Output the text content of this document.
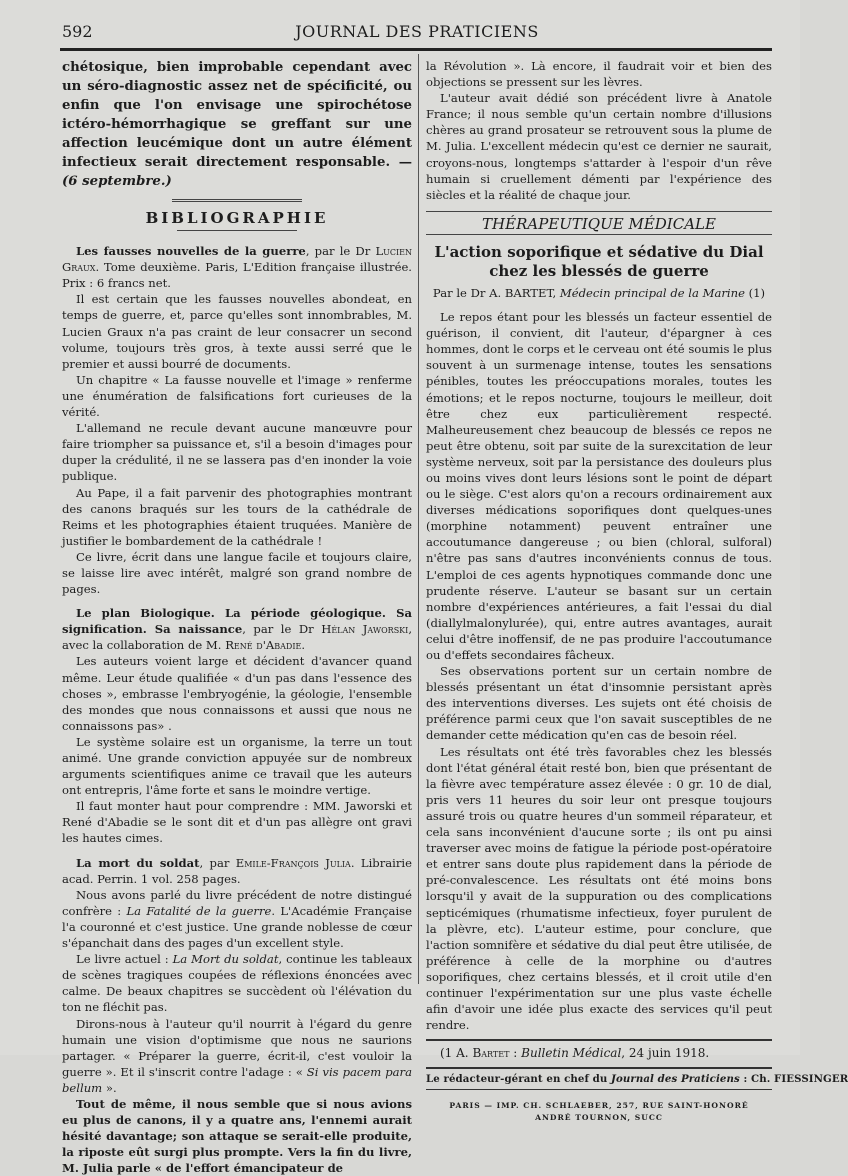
592	JOURNAL DES PRATICIENS

chétosique, bien improbable cependant avec un séro-diagnostic assez net de spécificité, ou enfin que l'on envisage une spirochétose ictéro-hémorrhagique se greffant sur une affection leucémique dont un autre élément infectieux serait directement responsable. — (6 septembre.)

BIBLIOGRAPHIE

Les fausses nouvelles de la guerre, par le Dr Lucien Graux. Tome deuxième. Paris, L'Edition française illustrée. Prix : 6 francs net.

Il est certain que les fausses nouvelles abondeat, en temps de guerre, et, parce qu'elles sont innombrables, M. Lucien Graux n'a pas craint de leur consacrer un second volume, toujours très gros, à texte aussi serré que le premier et aussi bourré de documents.

Un chapitre « La fausse nouvelle et l'image » renferme une énumération de falsifications fort curieuses de la vérité.

L'allemand ne recule devant aucune manœuvre pour faire triompher sa puissance et, s'il a besoin d'images pour duper la crédulité, il ne se lassera pas d'en inonder la voie publique.

Au Pape, il a fait parvenir des photographies montrant des canons braqués sur les tours de la cathédrale de Reims et les photographies étaient truquées. Manière de justifier le bombardement de la cathédrale !

Ce livre, écrit dans une langue facile et toujours claire, se laisse lire avec intérêt, malgré son grand nombre de pages.

Le plan Biologique. La période géologique. Sa signification. Sa naissance, par le Dr Hélan Jaworski, avec la collaboration de M. René d'Abadie.

Les auteurs voient large et décident d'avancer quand même. Leur étude qualifiée « d'un pas dans l'essence des choses », embrasse l'embryogénie, la géologie, l'ensemble des mondes que nous connaissons et aussi que nous ne connaissons pas» .

Le système solaire est un organisme, la terre un tout animé. Une grande conviction appuyée sur de nombreux arguments scientifiques anime ce travail que les auteurs ont entrepris, l'âme forte et sans le moindre vertige.

Il faut monter haut pour comprendre : MM. Jaworski et René d'Abadie se le sont dit et d'un pas allègre ont gravi les hautes cimes.

La mort du soldat, par Emile-François Julia. Librairie acad. Perrin. 1 vol. 258 pages.

Nous avons parlé du livre précédent de notre distingué confrère : La Fatalité de la guerre. L'Académie Française l'a couronné et c'est justice. Une grande noblesse de cœur s'épanchait dans des pages d'un excellent style.

Le livre actuel : La Mort du soldat, continue les tableaux de scènes tragiques coupées de réflexions énoncées avec calme. De beaux chapitres se succèdent où l'élévation du ton ne fléchit pas.

Dirons-nous à l'auteur qu'il nourrit à l'égard du genre humain une vision d'optimisme que nous ne saurions partager. « Préparer la guerre, écrit-il, c'est vouloir la guerre ». Et il s'inscrit contre l'adage : « Si vis pacem para bellum ».

Tout de même, il nous semble que si nous avions eu plus de canons, il y a quatre ans, l'ennemi aurait hésité davantage; son attaque se serait-elle produite, la riposte eût surgi plus prompte. Vers la fin du livre, M. Julia parle « de l'effort émancipateur de

la Révolution ». Là encore, il faudrait voir et bien des objections se pressent sur les lèvres.

L'auteur avait dédié son précédent livre à Anatole France; il nous semble qu'un certain nombre d'illusions chères au grand prosateur se retrouvent sous la plume de M. Julia. L'excellent médecin qu'est ce dernier ne saurait, croyons-nous, longtemps s'attarder à l'espoir d'un rêve humain si cruellement démenti par l'expérience des siècles et la réalité de chaque jour.

THÉRAPEUTIQUE MÉDICALE
L'action soporifique et sédative du Dial chez les blessés de guerre
Par le Dr A. BARTET, Médecin principal de la Marine (1)

Le repos étant pour les blessés un facteur essentiel de guérison, il convient, dit l'auteur, d'épargner à ces hommes, dont le corps et le cerveau ont été soumis le plus souvent à un surmenage intense, toutes les sensations pénibles, toutes les préoccupations morales, toutes les émotions; et le repos nocturne, toujours le meilleur, doit être chez eux particulièrement respecté. Malheureusement chez beaucoup de blessés ce repos ne peut être obtenu, soit par suite de la surexcitation de leur système nerveux, soit par la persistance des douleurs plus ou moins vives dont leurs lésions sont le point de départ ou le siège. C'est alors qu'on a recours ordinairement aux diverses médications soporifiques dont quelques-unes (morphine notamment) peuvent entraîner une accoutumance dangereuse ; ou bien (chloral, sulforal) n'être pas sans d'autres inconvénients connus de tous. L'emploi de ces agents hypnotiques commande donc une prudente réserve. L'auteur se basant sur un certain nombre d'expériences antérieures, a fait l'essai du dial (diallylmalonylurée), qui, entre autres avantages, aurait celui d'être inoffensif, de ne pas produire l'accoutumance ou d'effets secondaires fâcheux.

Ses observations portent sur un certain nombre de blessés présentant un état d'insomnie persistant après des interventions diverses. Les sujets ont été choisis de préférence parmi ceux que l'on savait susceptibles de ne demander cette médication qu'en cas de besoin réel.

Les résultats ont été très favorables chez les blessés dont l'état général était resté bon, bien que présentant de la fièvre avec température assez élevée : 0 gr. 10 de dial, pris vers 11 heures du soir leur ont presque toujours assuré trois ou quatre heures d'un sommeil réparateur, et cela sans inconvénient d'aucune sorte ; ils ont pu ainsi traverser avec moins de fatigue la période post-opératoire et entrer sans doute plus rapidement dans la période de pré-convalescence. Les résultats ont été moins bons lorsqu'il y avait de la suppuration ou des complications septicémiques (rhumatisme infectieux, foyer purulent de la plèvre, etc). L'auteur estime, pour conclure, que l'action somnifère et sédative du dial peut être utilisée, de préférence à celle de la morphine ou d'autres soporifiques, chez certains blessés, et il croit utile d'en continuer l'expérimentation sur une plus vaste échelle afin d'avoir une idée plus exacte des services qu'il peut rendre.

(1 A. Bartet : Bulletin Médical, 24 juin 1918.

Le rédacteur-gérant en chef du Journal des Praticiens : Ch. FIESSINGER
PARIS — IMP. CH. SCHLAEBER, 257, RUE SAINT-HONORÉ
ANDRÉ TOURNON, SUCC
